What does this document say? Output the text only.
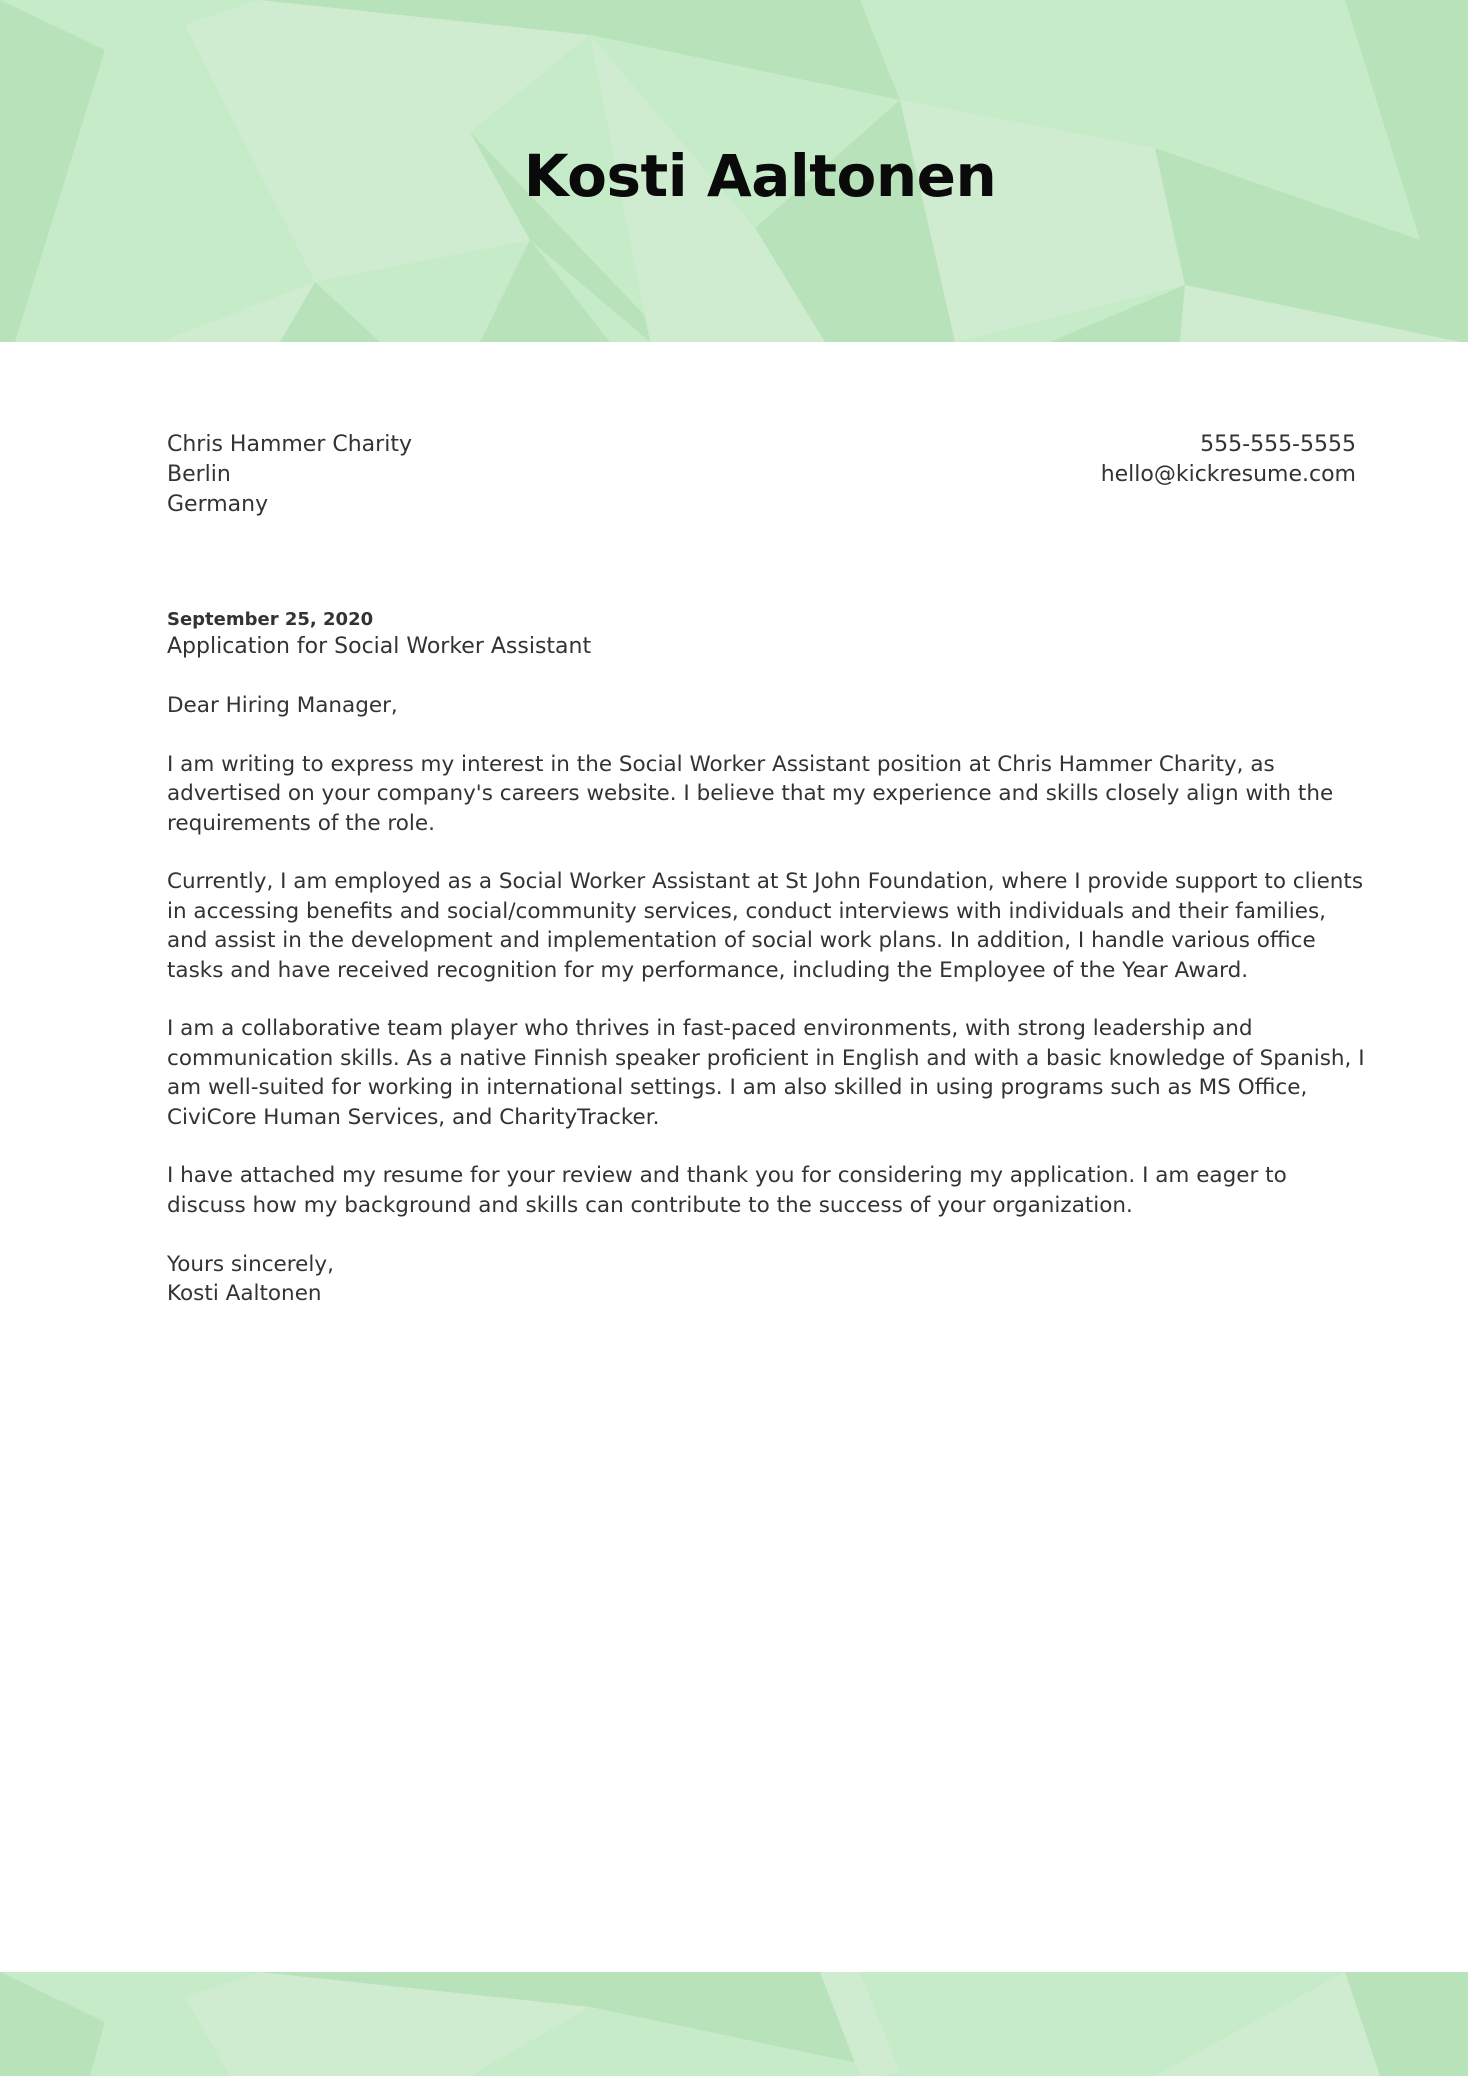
Kosti Aaltonen
Chris Hammer Charity
Berlin
Germany
555-555-5555
hello@kickresume.com
September 25, 2020
Application for Social Worker Assistant

Dear Hiring Manager,

I am writing to express my interest in the Social Worker Assistant position at Chris Hammer Charity, as advertised on your company's careers website. I believe that my experience and skills closely align with the requirements of the role.

Currently, I am employed as a Social Worker Assistant at St John Foundation, where I provide support to clients in accessing benefits and social/community services, conduct interviews with individuals and their families, and assist in the development and implementation of social work plans. In addition, I handle various office tasks and have received recognition for my performance, including the Employee of the Year Award.

I am a collaborative team player who thrives in fast-paced environments, with strong leadership and communication skills. As a native Finnish speaker proficient in English and with a basic knowledge of Spanish, I am well-suited for working in international settings. I am also skilled in using programs such as MS Office, CiviCore Human Services, and CharityTracker.

I have attached my resume for your review and thank you for considering my application. I am eager to discuss how my background and skills can contribute to the success of your organization.

Yours sincerely,
Kosti Aaltonen
